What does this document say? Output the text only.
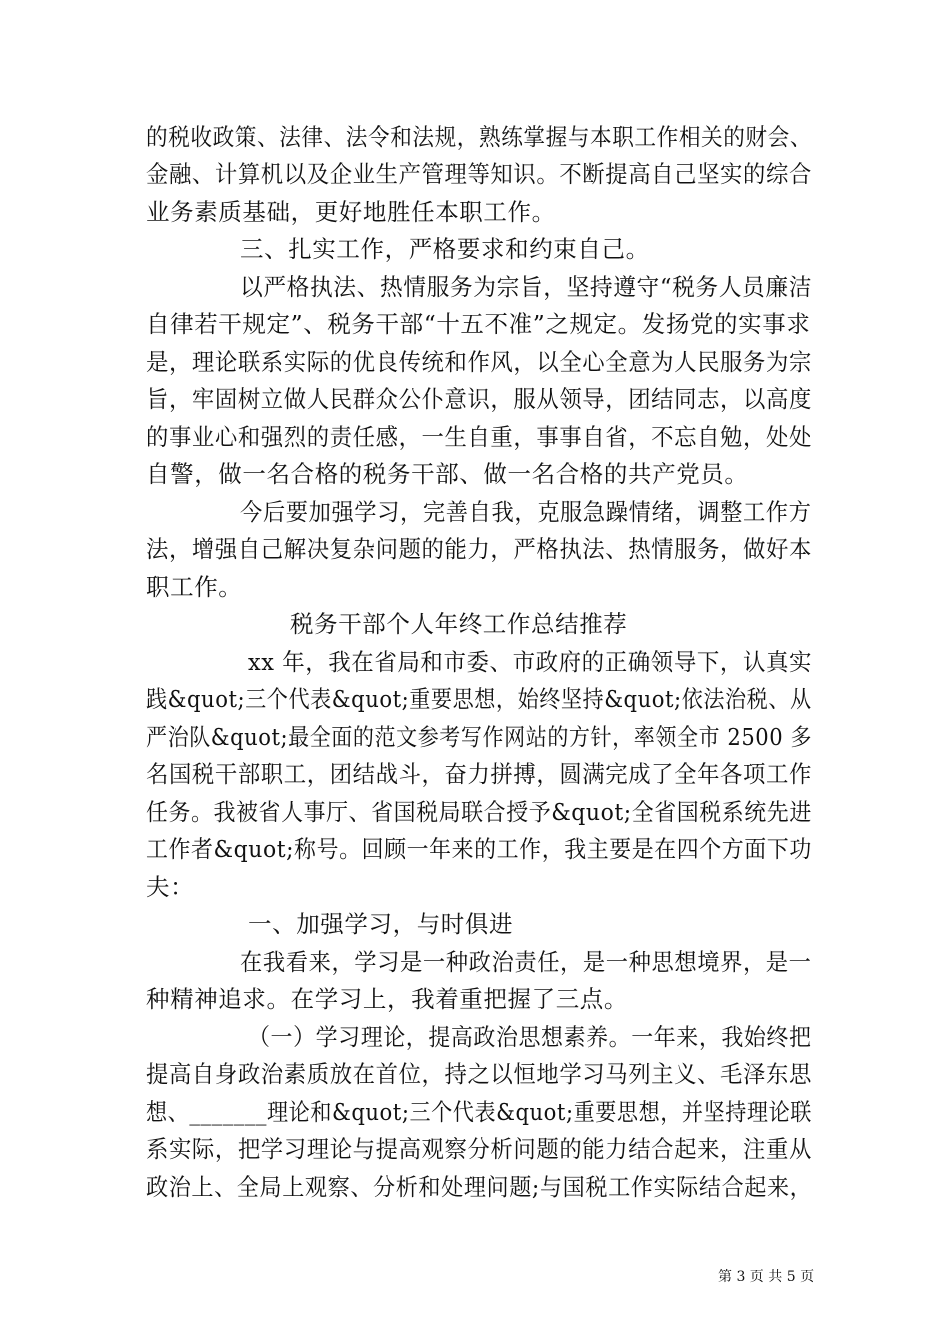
的税收政策、法律、法令和法规，熟练掌握与本职工作相关的财会、
金融、计算机以及企业生产管理等知识。不断提高自己坚实的综合
业务素质基础，更好地胜任本职工作。
三、扎实工作，严格要求和约束自己。
以严格执法、热情服务为宗旨，坚持遵守“税务人员廉洁
自律若干规定”、税务干部“十五不准”之规定。发扬党的实事求
是，理论联系实际的优良传统和作风，以全心全意为人民服务为宗
旨，牢固树立做人民群众公仆意识，服从领导，团结同志，以高度
的事业心和强烈的责任感，一生自重，事事自省，不忘自勉，处处
自警，做一名合格的税务干部、做一名合格的共产党员。
今后要加强学习，完善自我，克服急躁情绪，调整工作方
法，增强自己解决复杂问题的能力，严格执法、热情服务，做好本
职工作。
税务干部个人年终工作总结推荐
xx 年，我在省局和市委、市政府的正确领导下，认真实
践&quot;三个代表&quot;重要思想，始终坚持&quot;依法治税、从
严治队&quot;最全面的范文参考写作网站的方针，率领全市 2500 多
名国税干部职工，团结战斗，奋力拼搏，圆满完成了全年各项工作
任务。我被省人事厅、省国税局联合授予&quot;全省国税系统先进
工作者&quot;称号。回顾一年来的工作，我主要是在四个方面下功
夫：
一、加强学习，与时俱进
在我看来，学习是一种政治责任，是一种思想境界，是一
种精神追求。在学习上，我着重把握了三点。
（一）学习理论，提高政治思想素养。一年来，我始终把
提高自身政治素质放在首位，持之以恒地学习马列主义、毛泽东思
想、_______理论和&quot;三个代表&quot;重要思想，并坚持理论联
系实际，把学习理论与提高观察分析问题的能力结合起来，注重从
政治上、全局上观察、分析和处理问题;与国税工作实际结合起来，
第 3 页 共 5 页
